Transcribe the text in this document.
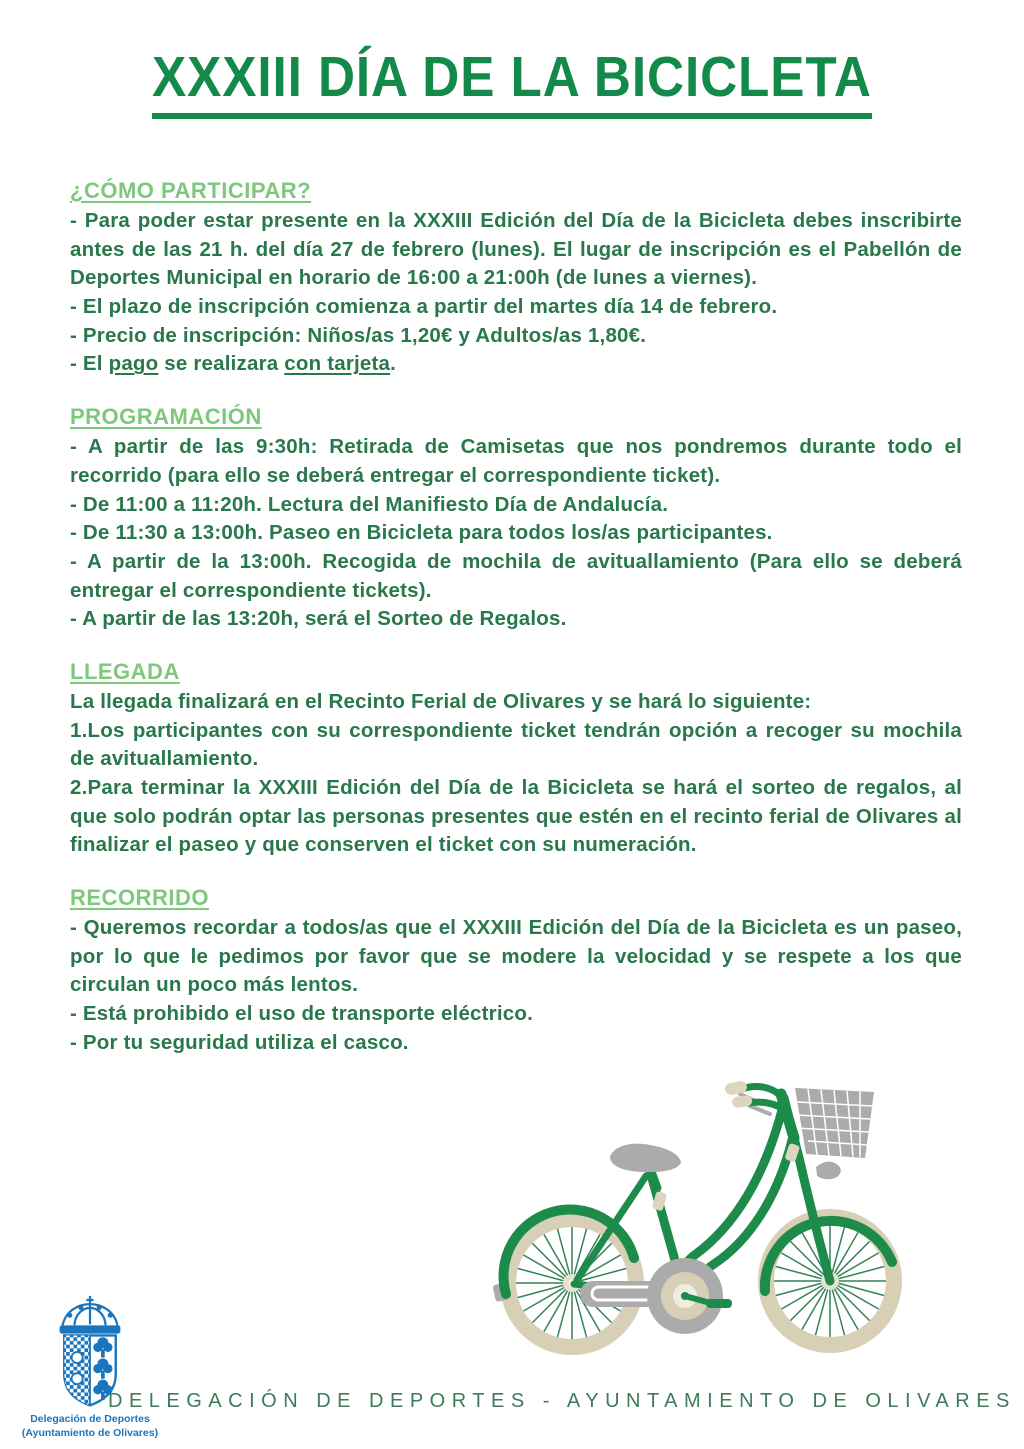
XXXIII DÍA DE LA BICICLETA
¿CÓMO PARTICIPAR?

- Para poder estar presente en la XXXIII Edición del Día de la Bicicleta debes inscribirte antes de las 21 h. del día 27 de febrero (lunes). El lugar de inscripción es el Pabellón de Deportes Municipal en horario de 16:00 a 21:00h (de lunes a viernes).

- El plazo de inscripción comienza a partir del martes día 14 de febrero.

- Precio de inscripción: Niños/as 1,20€ y Adultos/as 1,80€.

- El pago se realizara con tarjeta.

PROGRAMACIÓN

- A partir de las 9:30h: Retirada de Camisetas que nos pondremos durante todo el recorrido (para ello se deberá entregar el correspondiente ticket).

- De 11:00 a 11:20h. Lectura del Manifiesto Día de Andalucía.

- De 11:30 a 13:00h. Paseo en Bicicleta para todos los/as participantes.

- A partir de la 13:00h. Recogida de mochila de avituallamiento (Para ello se deberá entregar el correspondiente tickets).

- A partir de las 13:20h, será el Sorteo de Regalos.

LLEGADA

La llegada finalizará en el Recinto Ferial de Olivares y se hará lo siguiente:

1.Los participantes con su correspondiente ticket tendrán opción a recoger su mochila de avituallamiento.

2.Para terminar la XXXIII Edición del Día de la Bicicleta se hará el sorteo de regalos, al que solo podrán optar las personas presentes que estén en el recinto ferial de Olivares al finalizar el paseo y que conserven el ticket con su numeración.

RECORRIDO

- Queremos recordar a todos/as que el XXXIII Edición del Día de la Bicicleta es un paseo, por lo que le pedimos por favor que se modere la velocidad y se respete a los que circulan un poco más lentos.

- Está prohibido el uso de transporte eléctrico.

- Por tu seguridad utiliza el casco.

Delegación de Deportes
(Ayuntamiento de Olivares)
DELEGACIÓN DE DEPORTES - AYUNTAMIENTO DE OLIVARES
